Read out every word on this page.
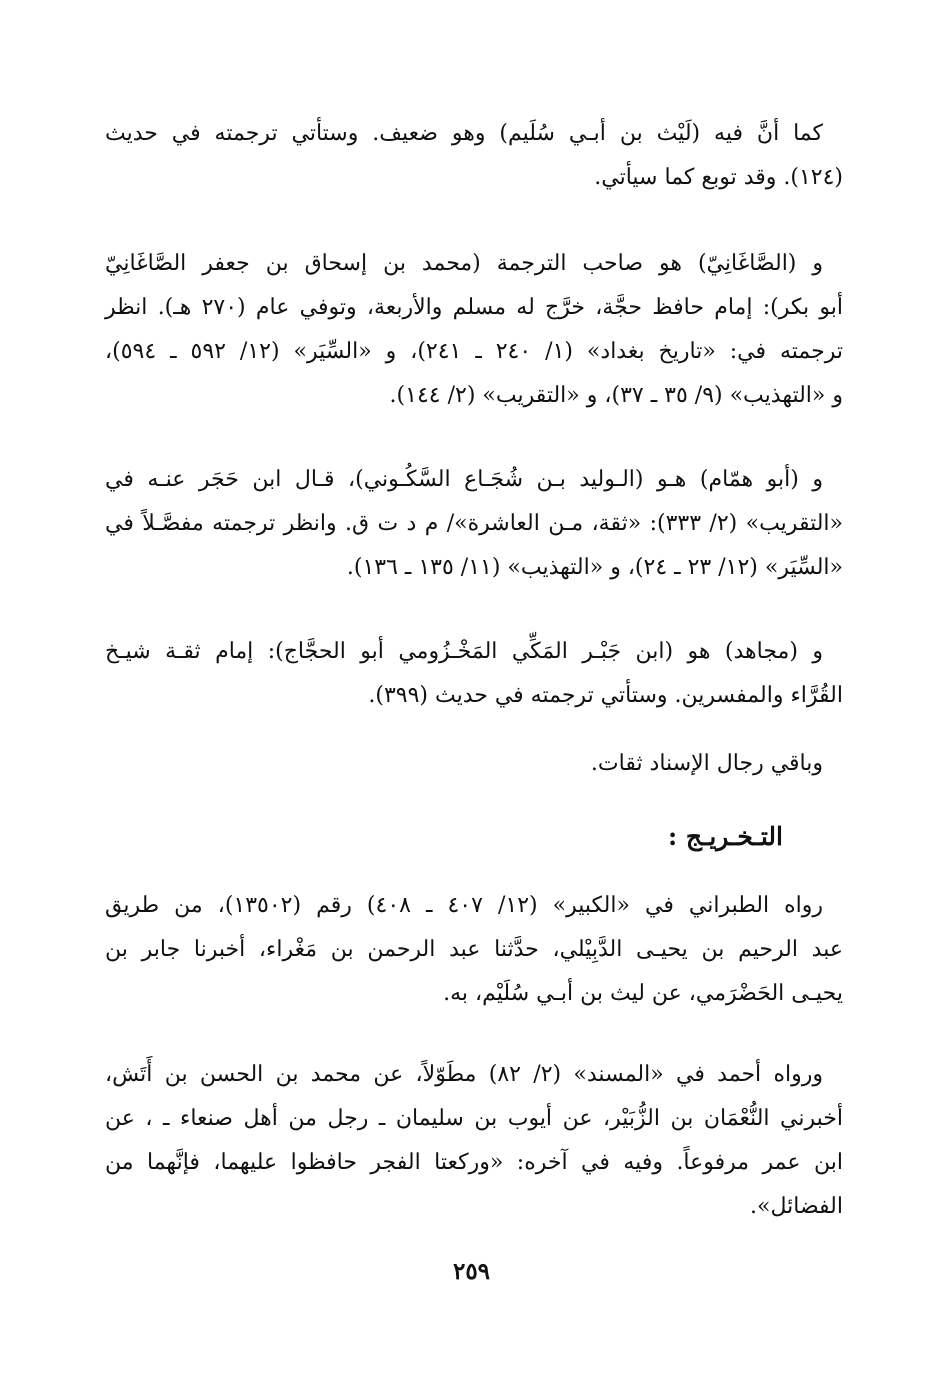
كما أنَّ فيه (لَيْث بن أبـي سُلَيم) وهو ضعيف. وستأتي ترجمته في حديث
(١٢٤). وقد توبع كما سيأتي.

و (الصَّاغَانِيّ) هو صاحب الترجمة (محمد بن إسحاق بن جعفر الصَّاغَانِيّ
أبو بكر): إمام حافظ حجَّة، خرَّج له مسلم والأربعة، وتوفي عام (٢٧٠ هـ). انظر
ترجمته في: «تاريخ بغداد» (١/ ٢٤٠ ـ ٢٤١)، و «السِّيَر» (١٢/ ٥٩٢ ـ ٥٩٤)،
و «التهذيب» (٩/ ٣٥ ـ ٣٧)، و «التقريب» (٢/ ١٤٤).

و (أبو همّام) هـو (الـوليد بـن شُجَـاع السَّكُـوني)، قـال ابن حَجَر عنـه في
«التقريب» (٢/ ٣٣٣): «ثقة، مـن العاشرة»/ م د ت ق. وانظر ترجمته مفصَّـلاً في
«السِّيَر» (١٢/ ٢٣ ـ ٢٤)، و «التهذيب» (١١/ ١٣٥ ـ ١٣٦).

و (مجاهد) هو (ابن جَبْـر المَكِّي المَخْـزُومي أبو الحجَّاج): إمام ثقـة شيـخ
القُرَّاء والمفسرين. وستأتي ترجمته في حديث (٣٩٩).

وباقي رجال الإسناد ثقات.

التـخـريـج :

رواه الطبراني في «الكبير» (١٢/ ٤٠٧ ـ ٤٠٨) رقم (١٣٥٠٢)، من طريق
عبد الرحيم بن يحيـى الدَّبِيْلي، حدَّثنا عبد الرحمن بن مَغْراء، أخبرنا جابر بن
يحيـى الحَضْرَمي، عن ليث بن أبـي سُلَيْم، به.

ورواه أحمد في «المسند» (٢/ ٨٢) مطَوّلاً، عن محمد بن الحسن بن أَتَش،
أخبرني النُّعْمَان بن الزُّبَيْر، عن أيوب بن سليمان ـ رجل من أهل صنعاء ـ ، عن
ابن عمر مرفوعاً. وفيه في آخره: «وركعتا الفجر حافظوا عليهما، فإنَّهما من
الفضائل».

٢٥٩
